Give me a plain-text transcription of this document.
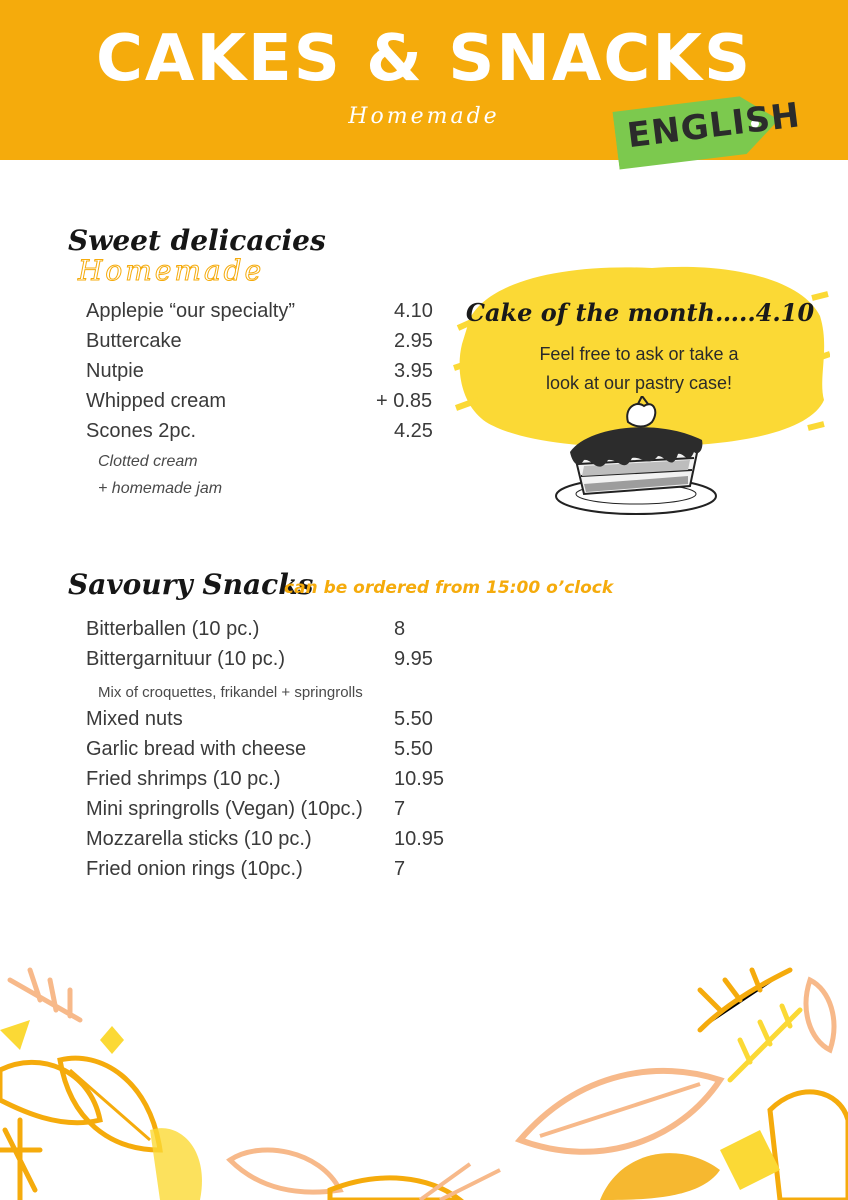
CAKES & SNACKS
Homemade	ENGLISH
Sweet delicacies
Homemade
Applepie “our specialty”	4.10
Buttercake	2.95
Nutpie	3.95
Whipped cream	+ 0.85
Scones 2pc.	4.25
Clotted cream
+ homemade jam
Cake of the month…..4.10
Feel free to ask or take a
look at our pastry case!
Savoury Snacks
can be ordered from 15:00 o’clock
Bitterballen (10 pc.)	8
Bittergarnituur (10 pc.)	9.95
Mix of croquettes, frikandel + springrolls
Mixed nuts	5.50
Garlic bread with cheese	5.50
Fried shrimps (10 pc.)	10.95
Mini springrolls (Vegan) (10pc.) 7
Mozzarella sticks (10 pc.)	10.95
Fried onion rings (10pc.)	7
